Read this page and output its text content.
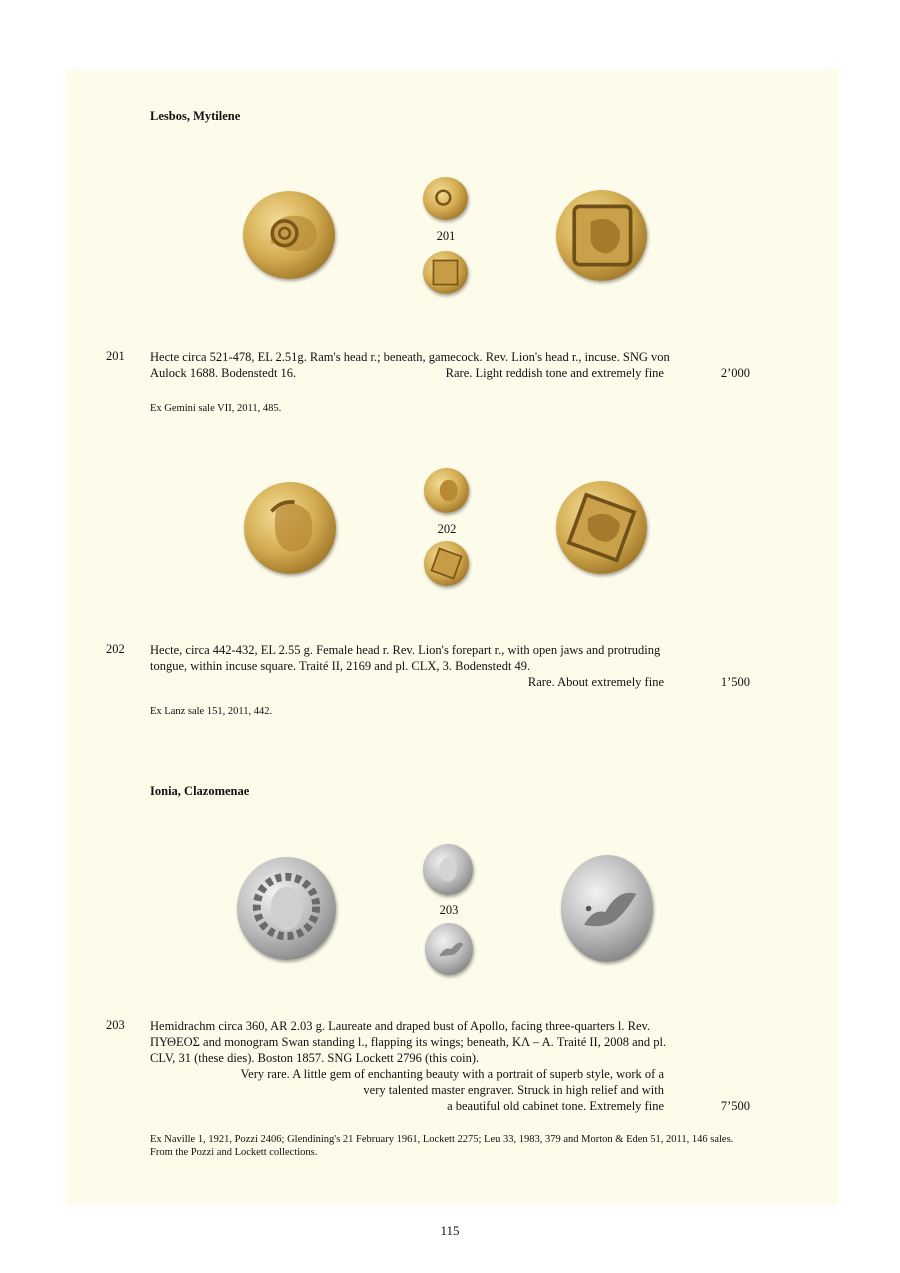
Lesbos, Mytilene
201
201 Hecte circa 521-478, EL 2.51g. Ram's head r.; beneath, gamecock. Rev. Lion's head r., incuse. SNG von
Aulock 1688. Bodenstedt 16.	Rare. Light reddish tone and extremely fine	2’000
Ex Gemini sale VII, 2011, 485.
202
202 Hecte, circa 442-432, EL 2.55 g. Female head r. Rev. Lion's forepart r., with open jaws and protruding
tongue, within incuse square. Traité II, 2169 and pl. CLX, 3. Bodenstedt 49.
Rare. About extremely fine	1’500
Ex Lanz sale 151, 2011, 442.
Ionia, Clazomenae
203
203 Hemidrachm circa 360, AR 2.03 g. Laureate and draped bust of Apollo, facing three-quarters l. Rev.
ΠΥΘΕΟΣ and monogram Swan standing l., flapping its wings; beneath, ΚΛ – Α. Traité II, 2008 and pl.
CLV, 31 (these dies). Boston 1857. SNG Lockett 2796 (this coin).
Very rare. A little gem of enchanting beauty with a portrait of superb style, work of a
very talented master engraver. Struck in high relief and with
a beautiful old cabinet tone. Extremely fine	7’500
Ex Naville 1, 1921, Pozzi 2406; Glendining's 21 February 1961, Lockett 2275; Leu 33, 1983, 379 and Morton & Eden 51, 2011, 146 sales. From the Pozzi and Lockett collections.
115
